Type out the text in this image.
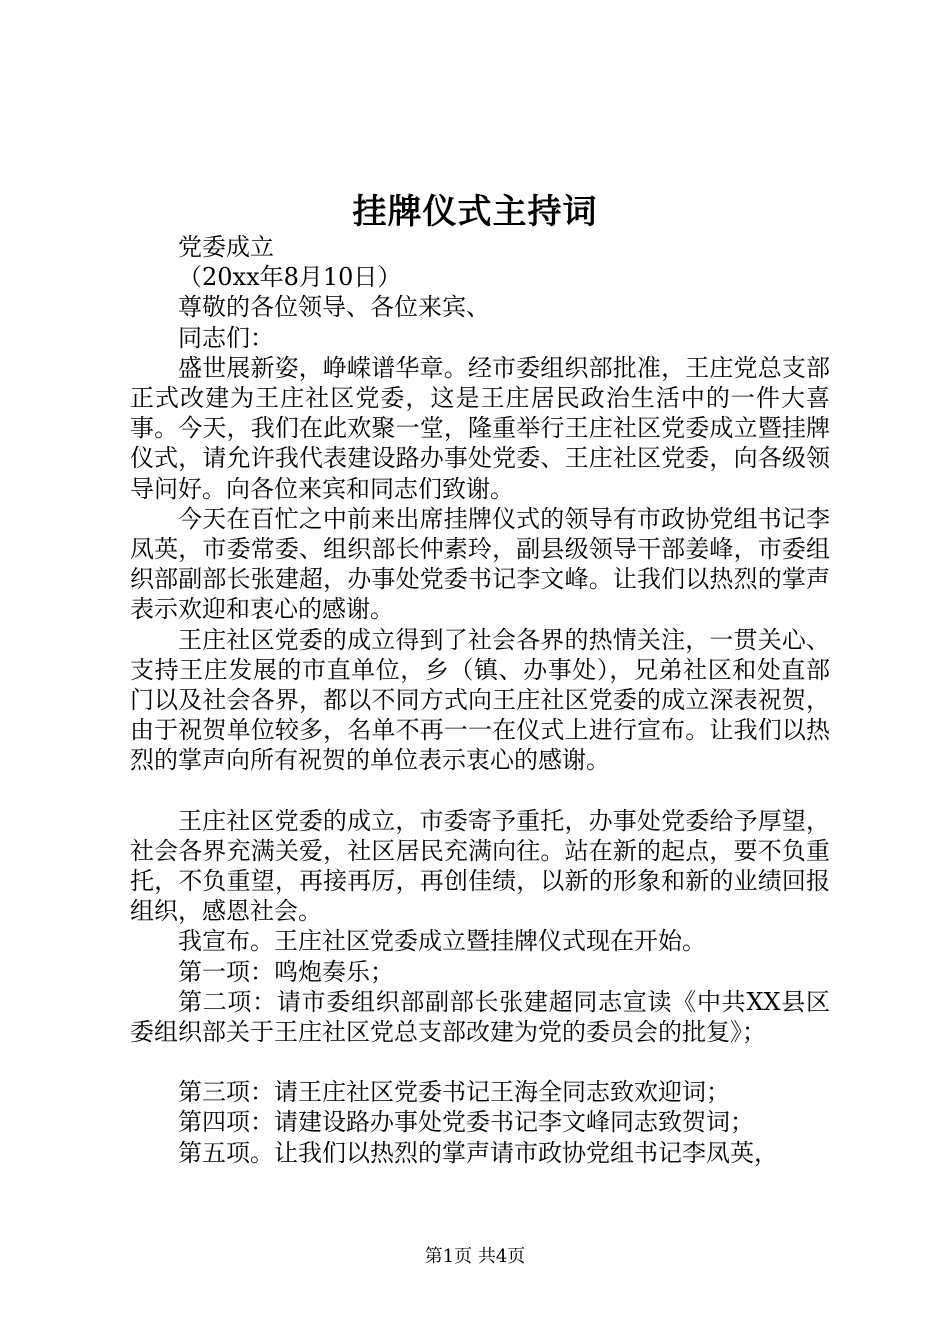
挂牌仪式主持词
党委成立
（20xx年8月10日）
尊敬的各位领导、各位来宾、
同志们：

盛世展新姿，峥嵘谱华章。经市委组织部批准，王庄党总支部正式改建为王庄社区党委，这是王庄居民政治生活中的一件大喜事。今天，我们在此欢聚一堂，隆重举行王庄社区党委成立暨挂牌仪式，请允许我代表建设路办事处党委、王庄社区党委，向各级领导问好。向各位来宾和同志们致谢。

今天在百忙之中前来出席挂牌仪式的领导有市政协党组书记李凤英，市委常委、组织部长仲素玲，副县级领导干部姜峰，市委组织部副部长张建超，办事处党委书记李文峰。让我们以热烈的掌声表示欢迎和衷心的感谢。

王庄社区党委的成立得到了社会各界的热情关注，一贯关心、支持王庄发展的市直单位，乡（镇、办事处），兄弟社区和处直部门以及社会各界，都以不同方式向王庄社区党委的成立深表祝贺，由于祝贺单位较多，名单不再一一在仪式上进行宣布。让我们以热烈的掌声向所有祝贺的单位表示衷心的感谢。

王庄社区党委的成立，市委寄予重托，办事处党委给予厚望，社会各界充满关爱，社区居民充满向往。站在新的起点，要不负重托，不负重望，再接再厉，再创佳绩，以新的形象和新的业绩回报组织，感恩社会。

我宣布。王庄社区党委成立暨挂牌仪式现在开始。

第一项：鸣炮奏乐；

第二项：请市委组织部副部长张建超同志宣读《中共XX县区委组织部关于王庄社区党总支部改建为党的委员会的批复》；

第三项：请王庄社区党委书记王海全同志致欢迎词；

第四项：请建设路办事处党委书记李文峰同志致贺词；

第五项。让我们以热烈的掌声请市政协党组书记李凤英，

第1页 共4页
